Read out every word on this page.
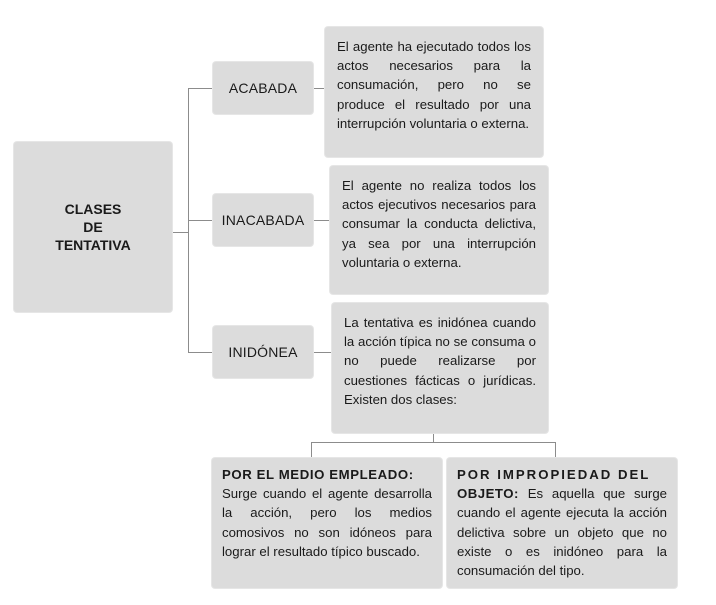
CLASES
DE
TENTATIVA
ACABADA
INACABADA
INIDÓNEA

El agente ha ejecutado todos los actos necesarios para la consumación, pero no se produce el resultado por una interrupción voluntaria o externa.

El agente no realiza todos los actos ejecutivos necesarios para consumar la conducta delictiva, ya sea por una interrupción voluntaria o externa.

La tentativa es inidónea cuando la acción típica no se consuma o no puede realizarse por cuestiones fácticas o jurídicas. Existen dos clases:

POR EL MEDIO EMPLEADO:
Surge cuando el agente desarrolla la acción, pero los medios comosivos no son idóneos para lograr el resultado típico buscado.
POR IMPROPIEDAD DEL
OBJETO: Es aquella que surge cuando el agente ejecuta la acción delictiva sobre un objeto que no existe o es inidóneo para la consumación del tipo.
